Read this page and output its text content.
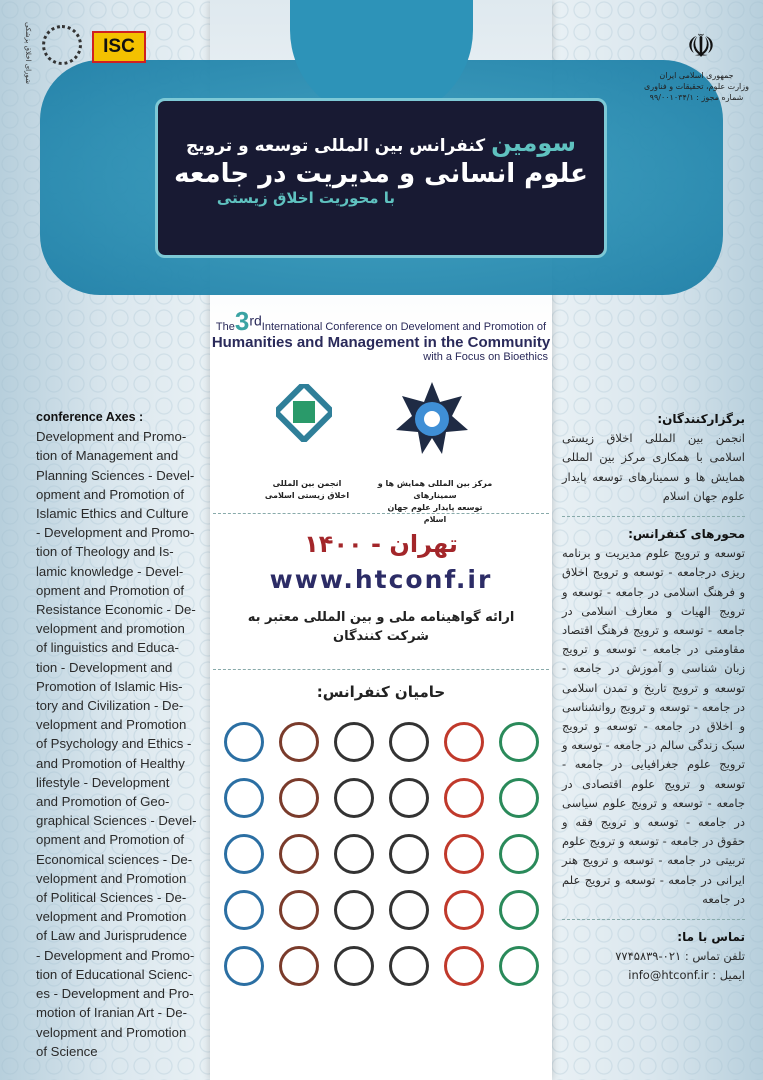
شورای اخلاق پزشکی	ISC	☫
جمهوری اسلامی ایران
وزارت علوم، تحقیقات و فناوری
شماره مجوز : ۹۹/۰۰۱۰۳۴/۱
سومین کنفرانس بین المللی توسعه و ترویج
علوم انسانی و مدیریت در جامعه
با محوریت اخلاق زیستی
The3rdInternational Conference on Develoment and Promotion of
Humanities and Management in the Community
with a Focus on Bioethics
مرکز بین المللی همایش ها و سمینارهای
توسعه پایدار علوم جهان اسلام
انجمن بین المللی
اخلاق زیستی اسلامی
تهران - ۱۴۰۰
www.htconf.ir
ارائه گواهینامه ملی و بین المللی معتبر به
شرکت کنندگان
حامیان کنفرانس:
conference Axes :
Development and Promo-
tion of Management and
Planning Sciences - Devel-
opment and Promotion of
Islamic Ethics and Culture
- Development and Promo-
tion of Theology and Is-
lamic knowledge - Devel-
opment and Promotion of
Resistance Economic - De-
velopment and promotion
of linguistics and Educa-
tion - Development and
Promotion of Islamic His-
tory and Civilization - De-
velopment and Promotion
of Psychology and Ethics -
and Promotion of Healthy
lifestyle - Development
and Promotion of Geo-
graphical Sciences - Devel-
opment and Promotion of
Economical sciences - De-
velopment and Promotion
of Political Sciences - De-
velopment and Promotion
of Law and Jurisprudence
- Development and Promo-
tion of Educational Scienc-
es - Development and Pro-
motion of Iranian Art - De-
velopment and Promotion
of Science
برگزارکنندگان:
انجمن بین المللی اخلاق زیستی اسلامی با همکاری مرکز بین المللی همایش ها و سمینارهای توسعه پایدار علوم جهان اسلام
محورهای کنفرانس:
توسعه و ترویج علوم مدیریت و برنامه ریزی درجامعه - توسعه و ترویج اخلاق و فرهنگ اسلامی در جامعه - توسعه و ترویج الهیات و معارف اسلامی در جامعه - توسعه و ترویج فرهنگ اقتصاد مقاومتی در جامعه - توسعه و ترویج زبان شناسی و آموزش در جامعه - توسعه و ترویج تاریخ و تمدن اسلامی در جامعه - توسعه و ترویج روانشناسی و اخلاق در جامعه - توسعه و ترویج سبک زندگی سالم در جامعه - توسعه و ترویج علوم جغرافیایی در جامعه - توسعه و ترویج علوم اقتصادی در جامعه - توسعه و ترویج علوم سیاسی در جامعه - توسعه و ترویج فقه و حقوق در جامعه - توسعه و ترویج علوم تربیتی در جامعه - توسعه و ترویج هنر ایرانی در جامعه - توسعه و ترویج علم در جامعه
تماس با ما:
تلفن تماس : ۰۲۱-۷۷۴۵۸۳۹
ایمیل : info@htconf.ir
